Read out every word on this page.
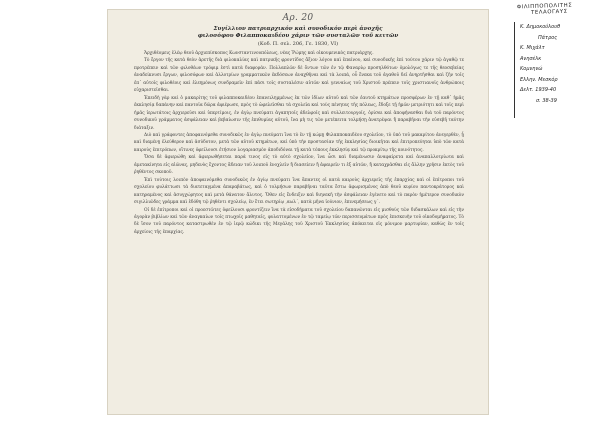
Αρ. 20
Συγίλλιον πατριαρχικόν καὶ συνοδικόν περὶ ἀνοχῆς
φιλοσόφου Φιλαπποκαιδέου χάριν τῶν συσταλῶν τοῦ κειτῶν
(Κοδ. Π. σελ. 206, Γε. 1830, VI)

Ἀρχιθέομεις ἐλέῳ θεοῦ ἀρχιεπίσκοπος Κωνσταντινουπόλεως, νέας Ῥώμης καὶ οἰκουμενικὸς πατριάρχης.

Τὸ ἔργον τῆς κατὰ θεὸν ἀρετῆς διὰ φιλοκαλίας καὶ πατρικῆς φροντίδος ἄξιον λόγου καὶ ἐπαίνου, καὶ συνοδικῆς ἐπὶ τούτου χάριν τῷ ἀγαθῷ τε προτρέπειν καὶ τῶν φιλοθέων τρόφιμ ἐστὶ κατὰ διαφοράν. Πολλαπλῶν δὲ ὄντων τῶν ἐν τῷ Φαναρίῳ προσηλθότων ὁμολόγως τε τῆς θεοσεβείας ἀναδείκνυσι ἔργων, φιλοσόφων καὶ ἀλλοτρίων γραμματικῶν ἐκδόσεων ἀναχθῆναι καὶ τὰ λοιπά, οὗ ἕνεκα τοῦ ἀγαθοῦ δεῖ ἀνηρτῆσθαι καὶ ζῆν τοῖς ἐπ᾽ αὐτοῖς φιλοθέοις καὶ ἐλεημόνως συνδραμεῖν ἐπὶ πᾶσι τοῖς συσταλέσιν αὐτῶν καὶ γενναίως τοῦ Χριστοῦ πρέπειν τοῖς χριστιανοῖς ἀνθρώποις εὐχαριστεῖσθαι.

Ἐπειδὴ γὰρ καὶ ὁ μακαρίτης τοῦ φιλαπποκαιδέου ἐπανειλημμένως ἐκ τῶν ἰδίων αὐτοῦ καὶ τῶν ἐαυτοῦ κτημάτων προσφέρων ἐν τῇ καθ᾽ ἡμᾶς ἐκκλησίᾳ δαπάνην καὶ παντοῖα δῶρα ἀφιέρωσε, πρὸς τὸ ὠφελεῖσθαι τὰ σχολεῖα καὶ τοὺς πένητας τῆς πόλεως, ἔδοξε τῇ ἡμῶν μετριότητι καὶ τοῖς περὶ ἡμᾶς ἱερωτάτοις ἀρχιερεῦσι καὶ ὑπερτίμοις, ἐν ἁγίῳ πνεύματι ἀγαπητοῖς ἀδελφοῖς καὶ συλλειτουργοῖς, ὁρίσαι καὶ ἀποφήνασθαι διὰ τοῦ παρόντος συνοδικοῦ γράμματος ἀσφάλειαν καὶ βεβαίωσιν τῆς ἐπιθυμίας αὐτοῦ, ἵνα μὴ τις τῶν μετέπειτα τολμήσῃ ἀνατρέψαι ἢ παραβῆναι τὴν εὐσεβῆ ταύτην διάταξιν.

Διὸ καὶ γράφοντες ἀποφαινόμεθα συνοδικῶς ἐν ἁγίῳ πνεύματι ἵνα τὸ ἐν τῇ κώμῃ Φιλαπποκαιδέου σχολεῖον, τὸ ὑπὸ τοῦ μακαρίτου ἀνεγερθὲν, ᾖ καὶ διαμένῃ ἐλεύθερον καὶ ἀσύδοτον, μετὰ τῶν αὐτοῦ κτημάτων, καὶ ὑπὸ τὴν προστασίαν τῆς ἐκκλησίας διοικῆται καὶ ἐπιτροπεύηται ὑπὸ τῶν κατὰ καιροὺς ἐπιτρόπων, οἵτινες ὀφείλουσι ἐτήσιον λογαριασμὸν ἀποδιδόναι τῇ κατὰ τόπους ἐκκλησίᾳ καὶ τῷ προκρίτῳ τῆς κοινότητος.

Ὅσα δὲ ἀφιερώθη καὶ ἀφιερωθήσεται παρά τινος εἰς τὸ αὐτὸ σχολεῖον, ἵνα ὦσι καὶ διαμένωσιν ἀναφαίρετα καὶ ἀναπαλλοτρίωτα καὶ ἀμετακίνητα εἰς αἰῶνας, μηδενὸς ἔχοντος ἄδειαν τοῦ λοιποῦ ἐνοχλεῖν ἢ διασείειν ἢ ἀφαιρεῖν τι ἐξ αὐτῶν, ἢ καταχρᾶσθαι εἰς ἄλλην χρῆσιν ἐκτὸς τοῦ ῥηθέντος σκοποῦ.

Ἐπὶ τούτοις λοιπὸν ἀποφαινόμεθα συνοδικῶς ἐν ἁγίῳ πνεύματι ἵνα ἅπαντες οἱ κατὰ καιροὺς ἀρχιερεῖς τῆς ἐπαρχίας καὶ οἱ ἐπίτροποι τοῦ σχολείου φυλάττωσι τὰ διατεταγμένα ἀπαραβάτως, καὶ ὁ τολμήσων παραβῆναι ταῦτα ἔστω ἀφωρισμένος ἀπὸ θεοῦ κυρίου παντοκράτορος καὶ κατηραμένος καὶ ἀσυγχώρητος καὶ μετὰ θάνατον ἄλυτος. Ὅθεν εἰς ἔνδειξιν καὶ διηνεκῆ τὴν ἀσφάλειαν ἐγένετο καὶ τὸ παρὸν ἡμέτερον συνοδικὸν σιγιλλιῶδες γράμμα καὶ ἐδόθη τῷ ῥηθέντι σχολείῳ, ἐν ἔτει σωτηρίῳ ,αωλ´, κατὰ μῆνα ἰούνιον, ἐπινεμήσεως γ´.

Οἱ δὲ ἐπίτροποι καὶ οἱ προεστῶτες ὀφείλουσι φροντίζειν ἵνα τὰ εἰσοδήματα τοῦ σχολείου δαπανῶνται εἰς μισθοὺς τῶν διδασκάλων καὶ εἰς τὴν ἀγορὰν βιβλίων καὶ τῶν ἀναγκαίων τοῖς πτωχοῖς μαθηταῖς, φυλαττομένων ἐν τῷ ταμείῳ τῶν περισσευμάτων πρὸς ἐπισκευὴν τοῦ οἰκοδομήματος. Τὸ δὲ ἴσον τοῦ παρόντος καταστρωθὲν ἐν τῷ ἱερῷ κώδικι τῆς Μεγάλης τοῦ Χριστοῦ Ἐκκλησίας ἀπόκειται εἰς μόνιμον μαρτυρίαν, καθὼς ἐν τοῖς ἀρχείοις τῆς ἐπαρχίας.

ΦΙΛΙΠΠΟΠΟΛΙΤΗΣ
ΤΕΛΑΟΓΑΥΣ
Κ. Δημοκούλουθ
Πάτρος
Κ. Μιχάλτ
Ανησέλκ
Κομνηνώ
Ελλην. Μεσκόρ
Δελτ. 1939-40
σ. 38-39
